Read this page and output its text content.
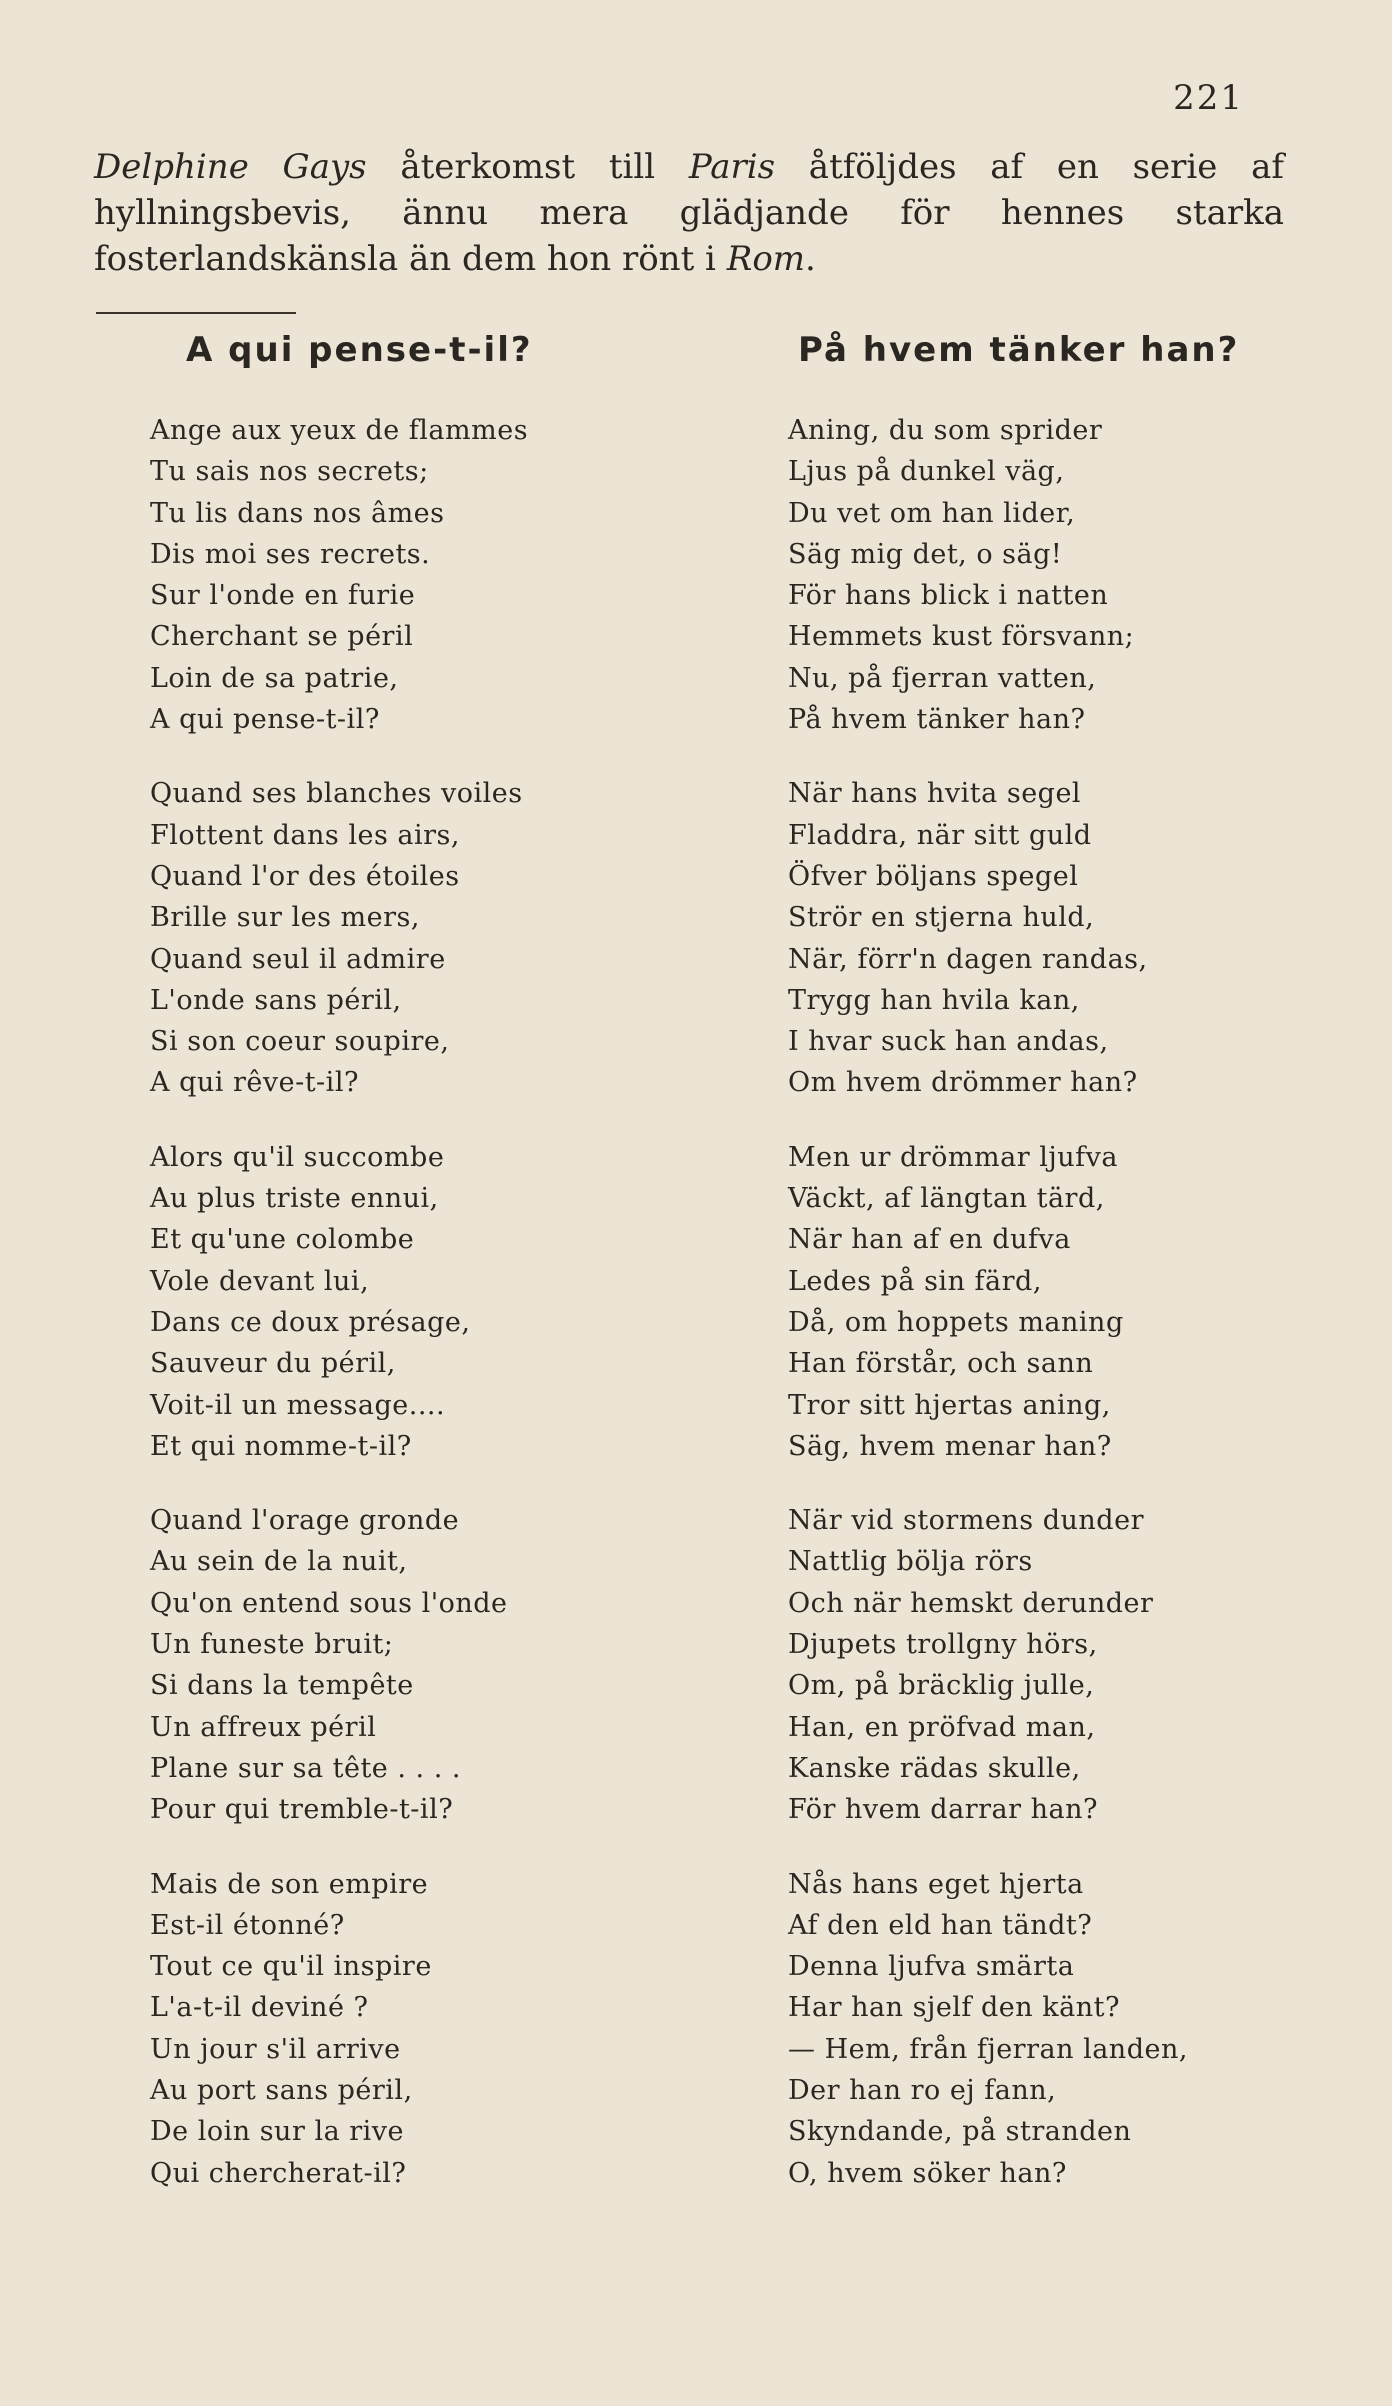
221

Delphine Gays återkomst till Paris åtföljdes af en serie af hyllningsbevis, ännu mera glädjande för hennes starka fosterlandskänsla än dem hon rönt i Rom.

A qui pense-t-il?
Ange aux yeux de flammes
Tu sais nos secrets;
Tu lis dans nos âmes
Dis moi ses recrets.
Sur l'onde en furie
Cherchant se péril
Loin de sa patrie,
A qui pense-t-il?
Quand ses blanches voiles
Flottent dans les airs,
Quand l'or des étoiles
Brille sur les mers,
Quand seul il admire
L'onde sans péril,
Si son coeur soupire,
A qui rêve-t-il?
Alors qu'il succombe
Au plus triste ennui,
Et qu'une colombe
Vole devant lui,
Dans ce doux présage,
Sauveur du péril,
Voit-il un message....
Et qui nomme-t-il?
Quand l'orage gronde
Au sein de la nuit,
Qu'on entend sous l'onde
Un funeste bruit;
Si dans la tempête
Un affreux péril
Plane sur sa tête . . . .
Pour qui tremble-t-il?
Mais de son empire
Est-il étonné?
Tout ce qu'il inspire
L'a-t-il deviné ?
Un jour s'il arrive
Au port sans péril,
De loin sur la rive
Qui chercherat-il?
På hvem tänker han?
Aning, du som sprider
Ljus på dunkel väg,
Du vet om han lider,
Säg mig det, o säg!
För hans blick i natten
Hemmets kust försvann;
Nu, på fjerran vatten,
På hvem tänker han?
När hans hvita segel
Fladdra, när sitt guld
Öfver böljans spegel
Strör en stjerna huld,
När, förr'n dagen randas,
Trygg han hvila kan,
I hvar suck han andas,
Om hvem drömmer han?
Men ur drömmar ljufva
Väckt, af längtan tärd,
När han af en dufva
Ledes på sin färd,
Då, om hoppets maning
Han förstår, och sann
Tror sitt hjertas aning,
Säg, hvem menar han?
När vid stormens dunder
Nattlig bölja rörs
Och när hemskt derunder
Djupets trollgny hörs,
Om, på bräcklig julle,
Han, en pröfvad man,
Kanske rädas skulle,
För hvem darrar han?
Nås hans eget hjerta
Af den eld han tändt?
Denna ljufva smärta
Har han sjelf den känt?
— Hem, från fjerran landen,
Der han ro ej fann,
Skyndande, på stranden
O, hvem söker han?
